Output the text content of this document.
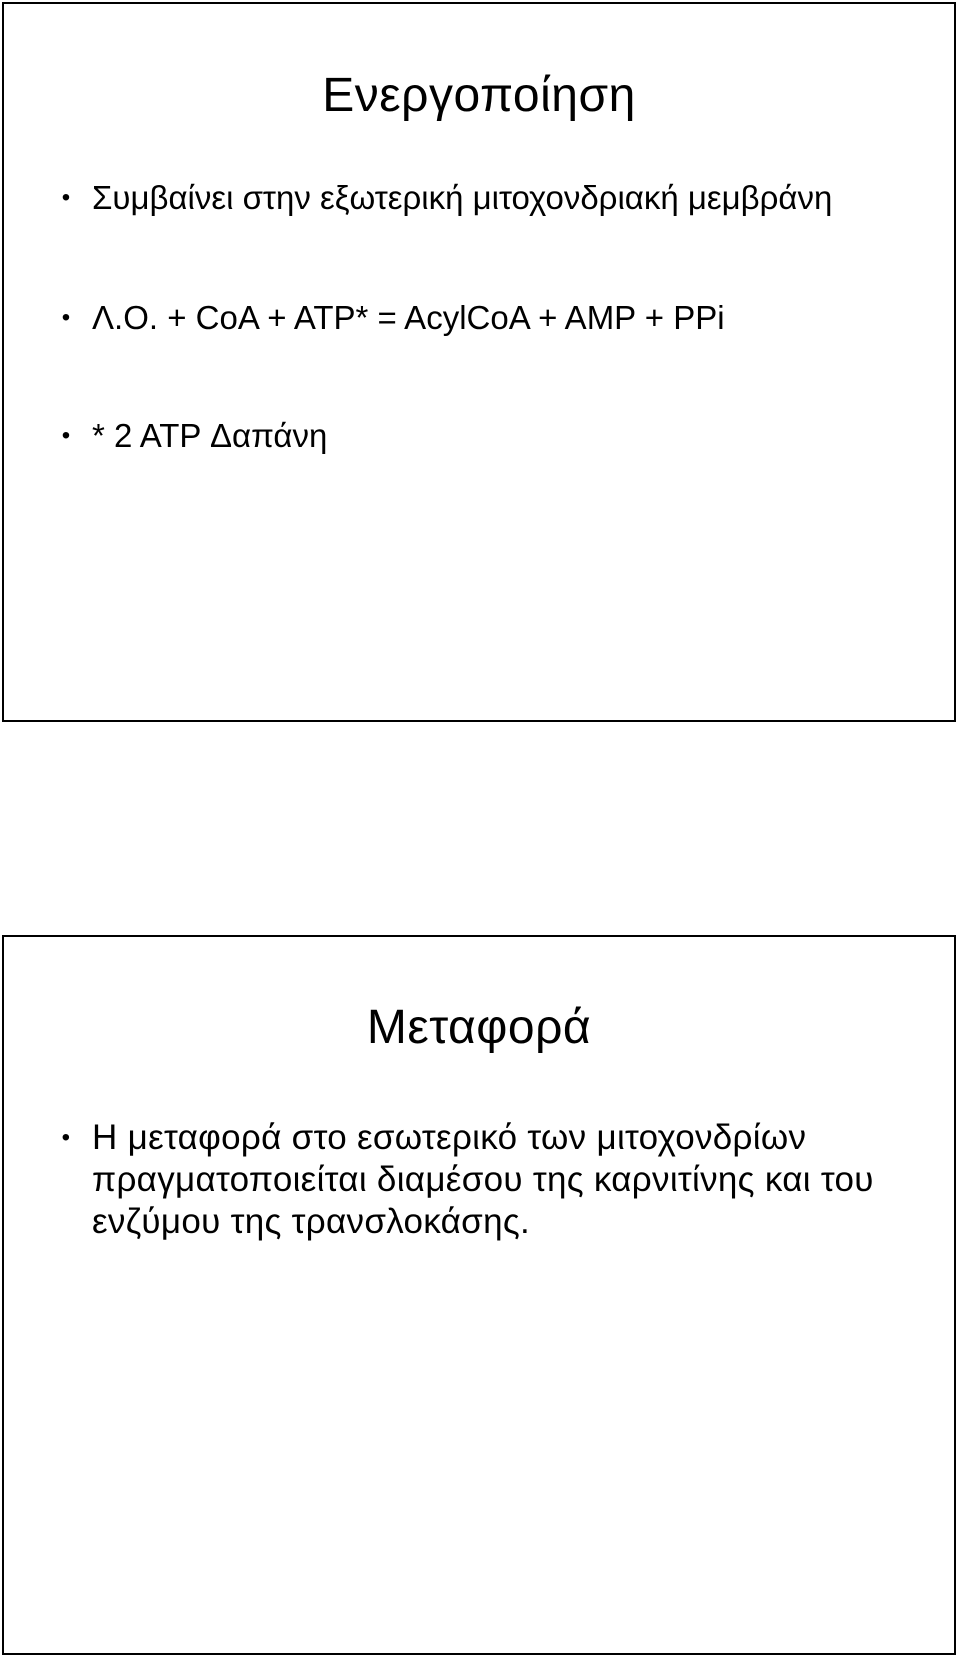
Ενεργοποίηση
• Συμβαίνει στην εξωτερική μιτοχονδριακή μεμβράνη
• Λ.Ο. + CoA + ATP* = AcylCoA + AMP + PPi
• * 2 ATP Δαπάνη
Μεταφορά
• Η μεταφορά στο εσωτερικό των μιτοχονδρίων πραγματοποιείται διαμέσου της καρνιτίνης και του ενζύμου της τρανσλοκάσης.
